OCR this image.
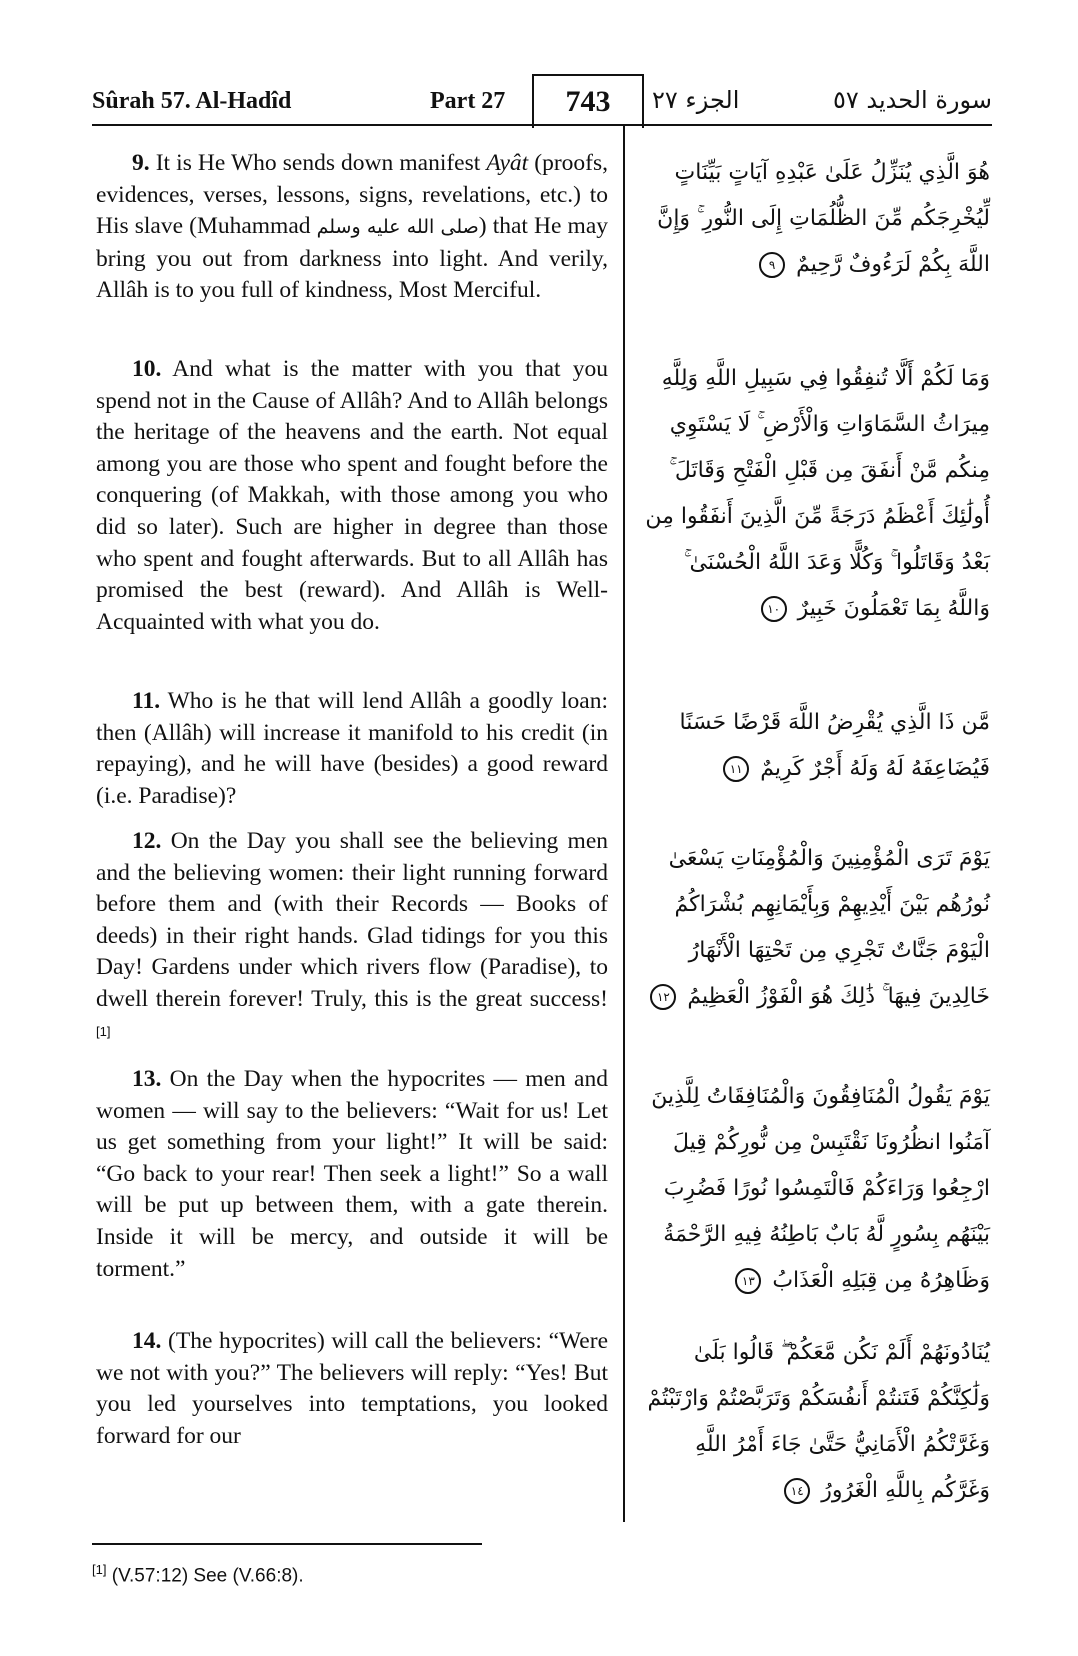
Sûrah 57. Al-Hadîd	Part 27	743	الجزء ٢٧	سورة الحديد ٥٧
9. It is He Who sends down manifest Ayât (proofs, evidences, verses, lessons, signs, revelations, etc.) to His slave (Muhammad صلى الله عليه وسلم) that He may bring you out from darkness into light. And verily, Allâh is to you full of kindness, Most Merciful.
هُوَ الَّذِي يُنَزِّلُ عَلَىٰ عَبْدِهِ آيَاتٍ بَيِّنَاتٍ لِّيُخْرِجَكُم مِّنَ الظُّلُمَاتِ إِلَى النُّورِ ۚ وَإِنَّ اللَّهَ بِكُمْ لَرَءُوفٌ رَّحِيمٌ ٩
10. And what is the matter with you that you spend not in the Cause of Allâh? And to Allâh belongs the heritage of the heavens and the earth. Not equal among you are those who spent and fought before the conquering (of Makkah, with those among you who did so later). Such are higher in degree than those who spent and fought afterwards. But to all Allâh has promised the best (reward). And Allâh is Well-Acquainted with what you do.
وَمَا لَكُمْ أَلَّا تُنفِقُوا فِي سَبِيلِ اللَّهِ وَلِلَّهِ مِيرَاثُ السَّمَاوَاتِ وَالْأَرْضِ ۚ لَا يَسْتَوِي مِنكُم مَّنْ أَنفَقَ مِن قَبْلِ الْفَتْحِ وَقَاتَلَ ۚ أُولَٰئِكَ أَعْظَمُ دَرَجَةً مِّنَ الَّذِينَ أَنفَقُوا مِن بَعْدُ وَقَاتَلُوا ۚ وَكُلًّا وَعَدَ اللَّهُ الْحُسْنَىٰ ۚ وَاللَّهُ بِمَا تَعْمَلُونَ خَبِيرٌ ١٠
11. Who is he that will lend Allâh a goodly loan: then (Allâh) will increase it manifold to his credit (in repaying), and he will have (besides) a good reward (i.e. Paradise)?
مَّن ذَا الَّذِي يُقْرِضُ اللَّهَ قَرْضًا حَسَنًا فَيُضَاعِفَهُ لَهُ وَلَهُ أَجْرٌ كَرِيمٌ ١١
12. On the Day you shall see the believing men and the believing women: their light running forward before them and (with their Records — Books of deeds) in their right hands. Glad tidings for you this Day! Gardens under which rivers flow (Paradise), to dwell therein forever! Truly, this is the great success! [1]
يَوْمَ تَرَى الْمُؤْمِنِينَ وَالْمُؤْمِنَاتِ يَسْعَىٰ نُورُهُم بَيْنَ أَيْدِيهِمْ وَبِأَيْمَانِهِم بُشْرَاكُمُ الْيَوْمَ جَنَّاتٌ تَجْرِي مِن تَحْتِهَا الْأَنْهَارُ خَالِدِينَ فِيهَا ۚ ذَٰلِكَ هُوَ الْفَوْزُ الْعَظِيمُ ١٢
13. On the Day when the hypocrites — men and women — will say to the believers: “Wait for us! Let us get something from your light!” It will be said: “Go back to your rear! Then seek a light!” So a wall will be put up between them, with a gate therein. Inside it will be mercy, and outside it will be torment.”
يَوْمَ يَقُولُ الْمُنَافِقُونَ وَالْمُنَافِقَاتُ لِلَّذِينَ آمَنُوا انظُرُونَا نَقْتَبِسْ مِن نُّورِكُمْ قِيلَ ارْجِعُوا وَرَاءَكُمْ فَالْتَمِسُوا نُورًا فَضُرِبَ بَيْنَهُم بِسُورٍ لَّهُ بَابٌ بَاطِنُهُ فِيهِ الرَّحْمَةُ وَظَاهِرُهُ مِن قِبَلِهِ الْعَذَابُ ١٣
14. (The hypocrites) will call the believers: “Were we not with you?” The believers will reply: “Yes! But you led yourselves into temptations, you looked forward for our
يُنَادُونَهُمْ أَلَمْ نَكُن مَّعَكُمْ ۖ قَالُوا بَلَىٰ وَلَٰكِنَّكُمْ فَتَنتُمْ أَنفُسَكُمْ وَتَرَبَّصْتُمْ وَارْتَبْتُمْ وَغَرَّتْكُمُ الْأَمَانِيُّ حَتَّىٰ جَاءَ أَمْرُ اللَّهِ وَغَرَّكُم بِاللَّهِ الْغَرُورُ ١٤
[1] (V.57:12) See (V.66:8).
